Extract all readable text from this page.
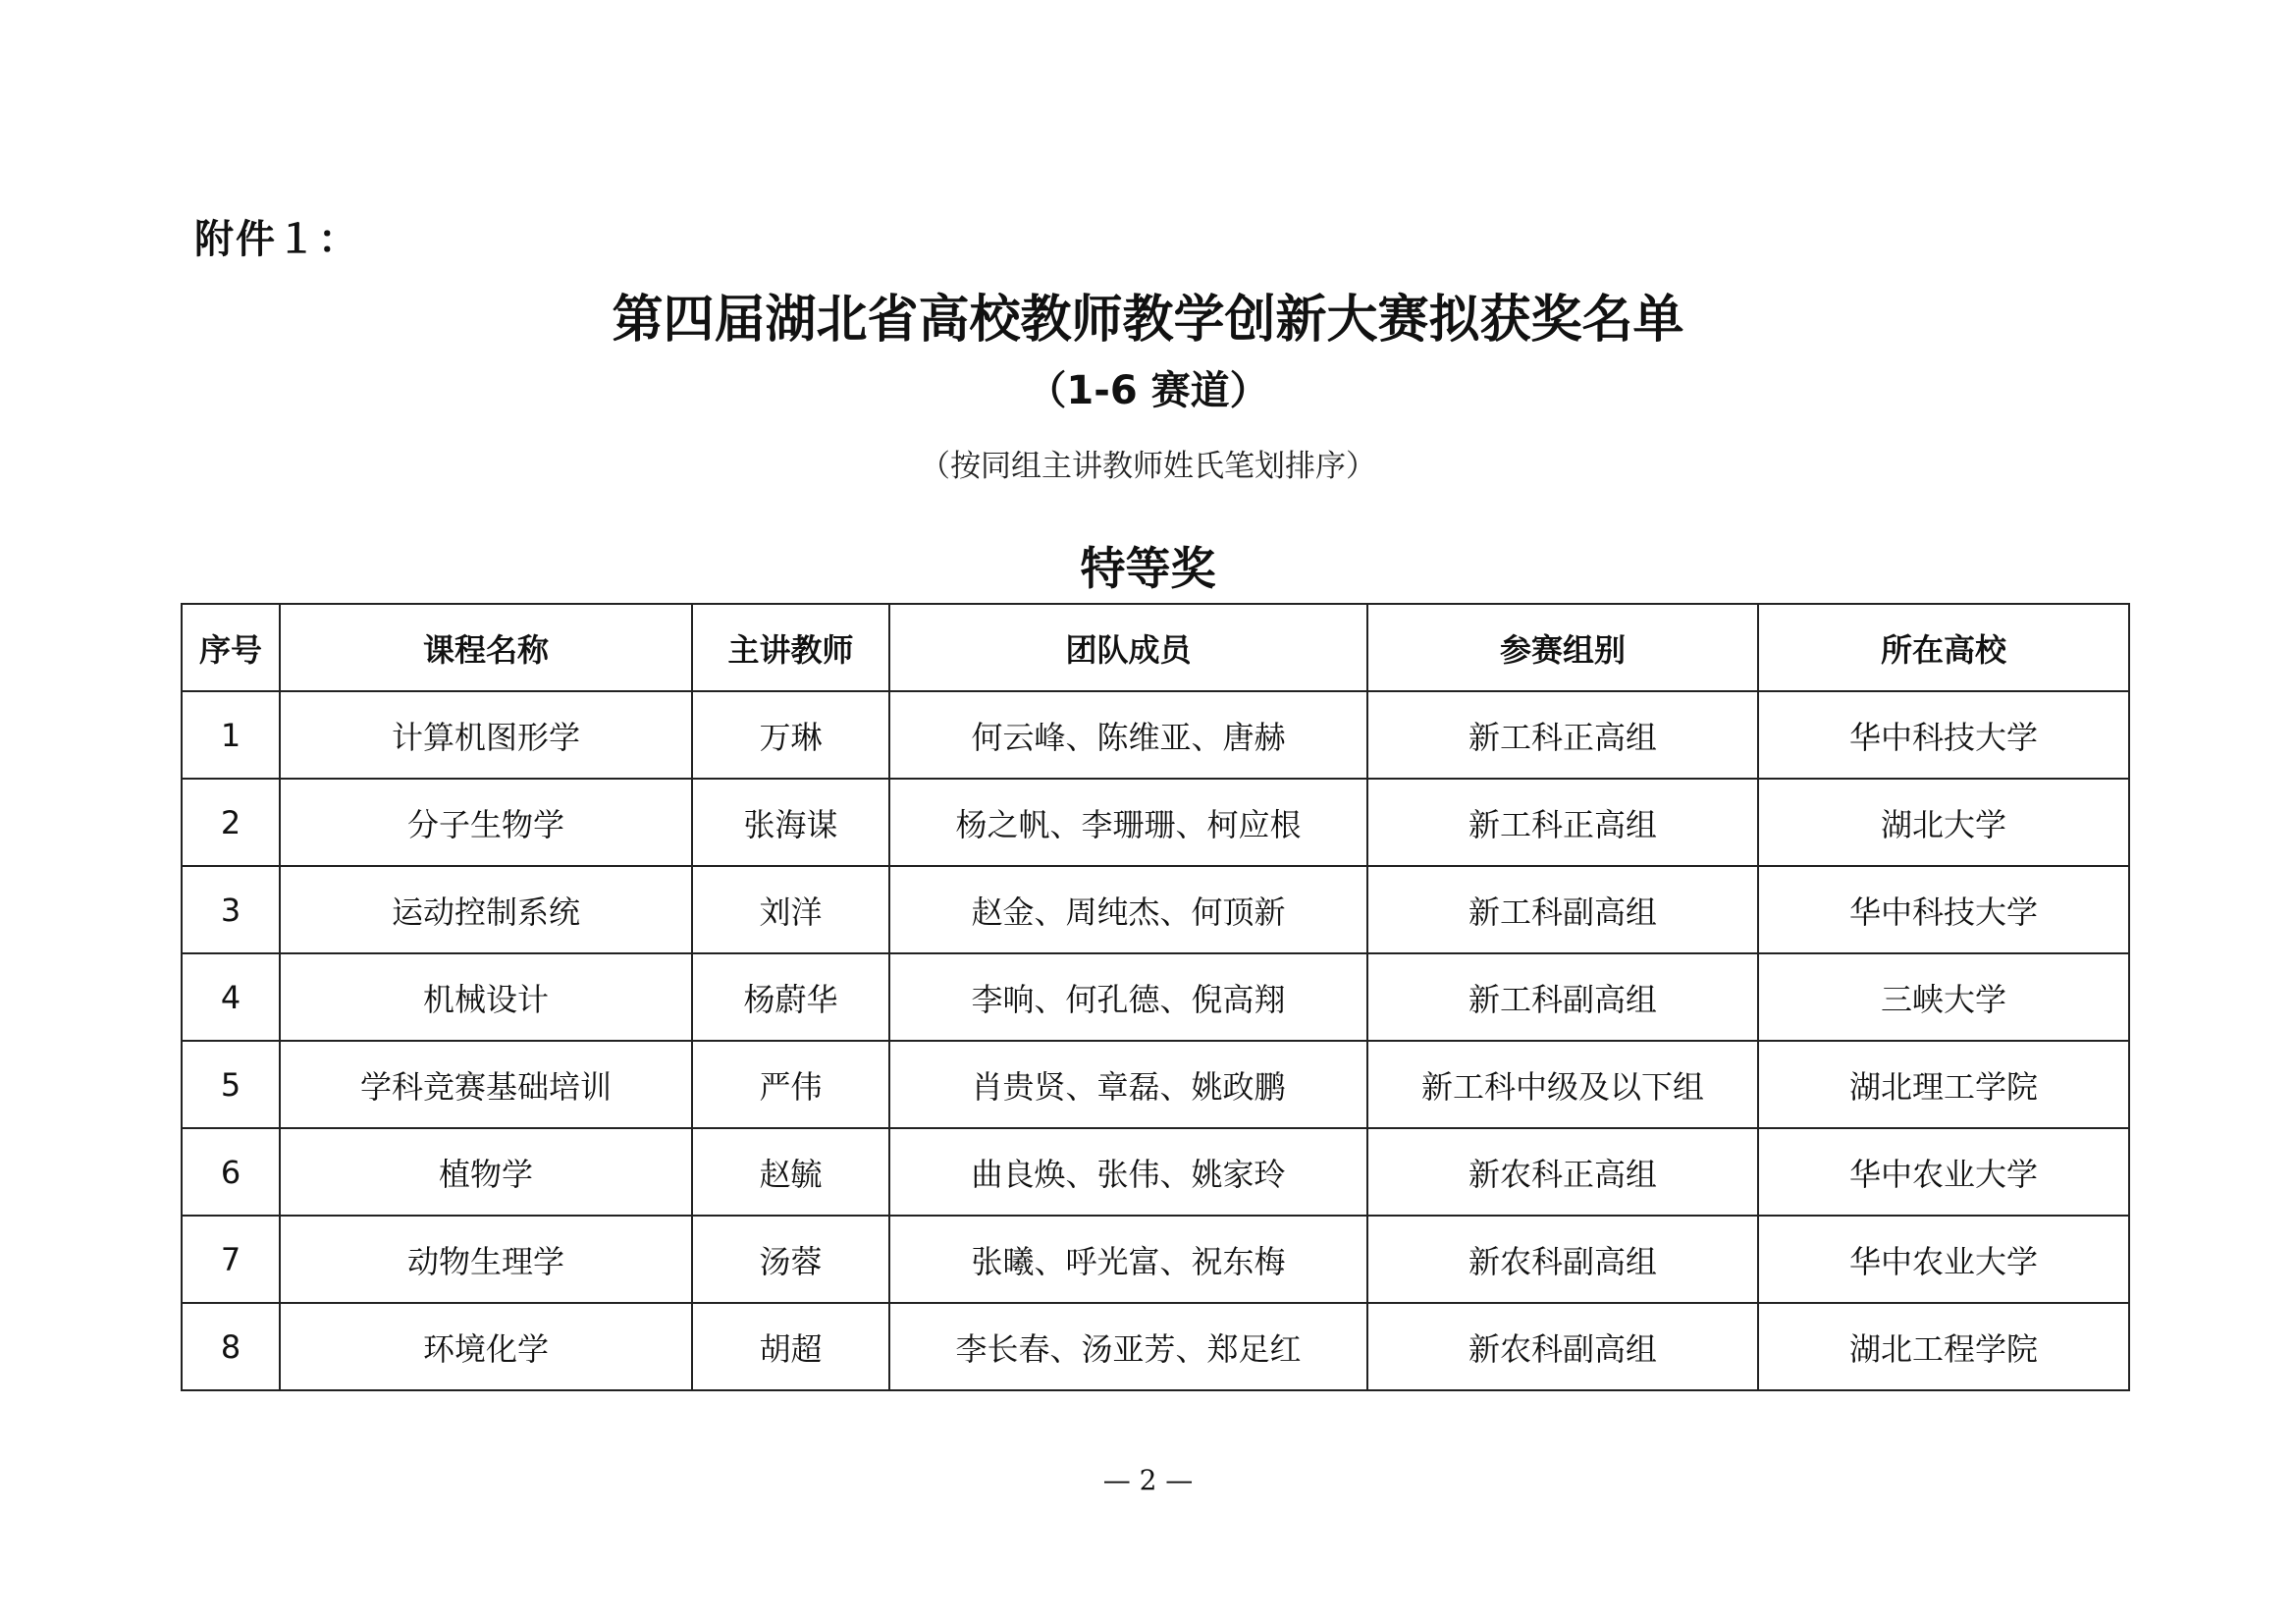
附件１：
第四届湖北省高校教师教学创新大赛拟获奖名单
（1-6 赛道）
（按同组主讲教师姓氏笔划排序）
特等奖
序号	课程名称	主讲教师	团队成员	参赛组别	所在高校
1	计算机图形学	万琳	何云峰、陈维亚、唐赫	新工科正高组	华中科技大学
2	分子生物学	张海谋	杨之帆、李珊珊、柯应根	新工科正高组	湖北大学
3	运动控制系统	刘洋	赵金、周纯杰、何顶新	新工科副高组	华中科技大学
4	机械设计	杨蔚华	李响、何孔德、倪高翔	新工科副高组	三峡大学
5	学科竞赛基础培训	严伟	肖贵贤、章磊、姚政鹏	新工科中级及以下组	湖北理工学院
6	植物学	赵毓	曲良焕、张伟、姚家玲	新农科正高组	华中农业大学
7	动物生理学	汤蓉	张曦、呼光富、祝东梅	新农科副高组	华中农业大学
8	环境化学	胡超	李长春、汤亚芳、郑足红	新农科副高组	湖北工程学院
— 2 —
